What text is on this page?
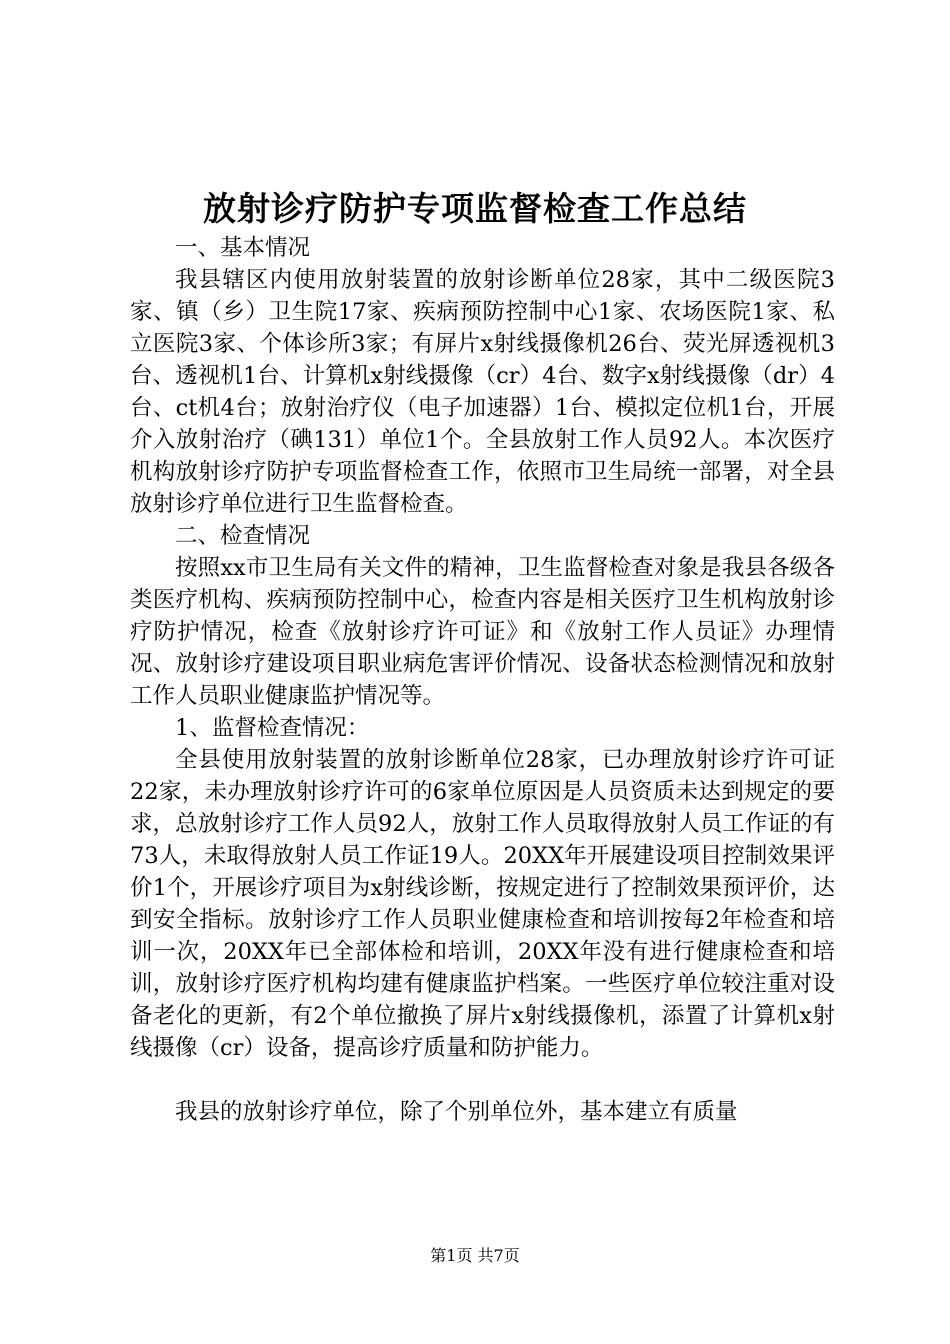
放射诊疗防护专项监督检查工作总结

一、基本情况

我县辖区内使用放射装置的放射诊断单位28家，其中二级医院3家、镇（乡）卫生院17家、疾病预防控制中心1家、农场医院1家、私立医院3家、个体诊所3家；有屏片x射线摄像机26台、荧光屏透视机3台、透视机1台、计算机x射线摄像（cr）4台、数字x射线摄像（dr）4台、ct机4台；放射治疗仪（电子加速器）1台、模拟定位机1台，开展介入放射治疗（碘131）单位1个。全县放射工作人员92人。本次医疗机构放射诊疗防护专项监督检查工作，依照市卫生局统一部署，对全县放射诊疗单位进行卫生监督检查。

二、检查情况

按照xx市卫生局有关文件的精神，卫生监督检查对象是我县各级各类医疗机构、疾病预防控制中心，检查内容是相关医疗卫生机构放射诊疗防护情况，检查《放射诊疗许可证》和《放射工作人员证》办理情况、放射诊疗建设项目职业病危害评价情况、设备状态检测情况和放射工作人员职业健康监护情况等。

1、监督检查情况：

全县使用放射装置的放射诊断单位28家，已办理放射诊疗许可证22家，未办理放射诊疗许可的6家单位原因是人员资质未达到规定的要求，总放射诊疗工作人员92人，放射工作人员取得放射人员工作证的有73人，未取得放射人员工作证19人。20XX年开展建设项目控制效果评价1个，开展诊疗项目为x射线诊断，按规定进行了控制效果预评价，达到安全指标。放射诊疗工作人员职业健康检查和培训按每2年检查和培训一次，20XX年已全部体检和培训，20XX年没有进行健康检查和培训，放射诊疗医疗机构均建有健康监护档案。一些医疗单位较注重对设备老化的更新，有2个单位撤换了屏片x射线摄像机，添置了计算机x射线摄像（cr）设备，提高诊疗质量和防护能力。

我县的放射诊疗单位，除了个别单位外，基本建立有质量

第1页 共7页
